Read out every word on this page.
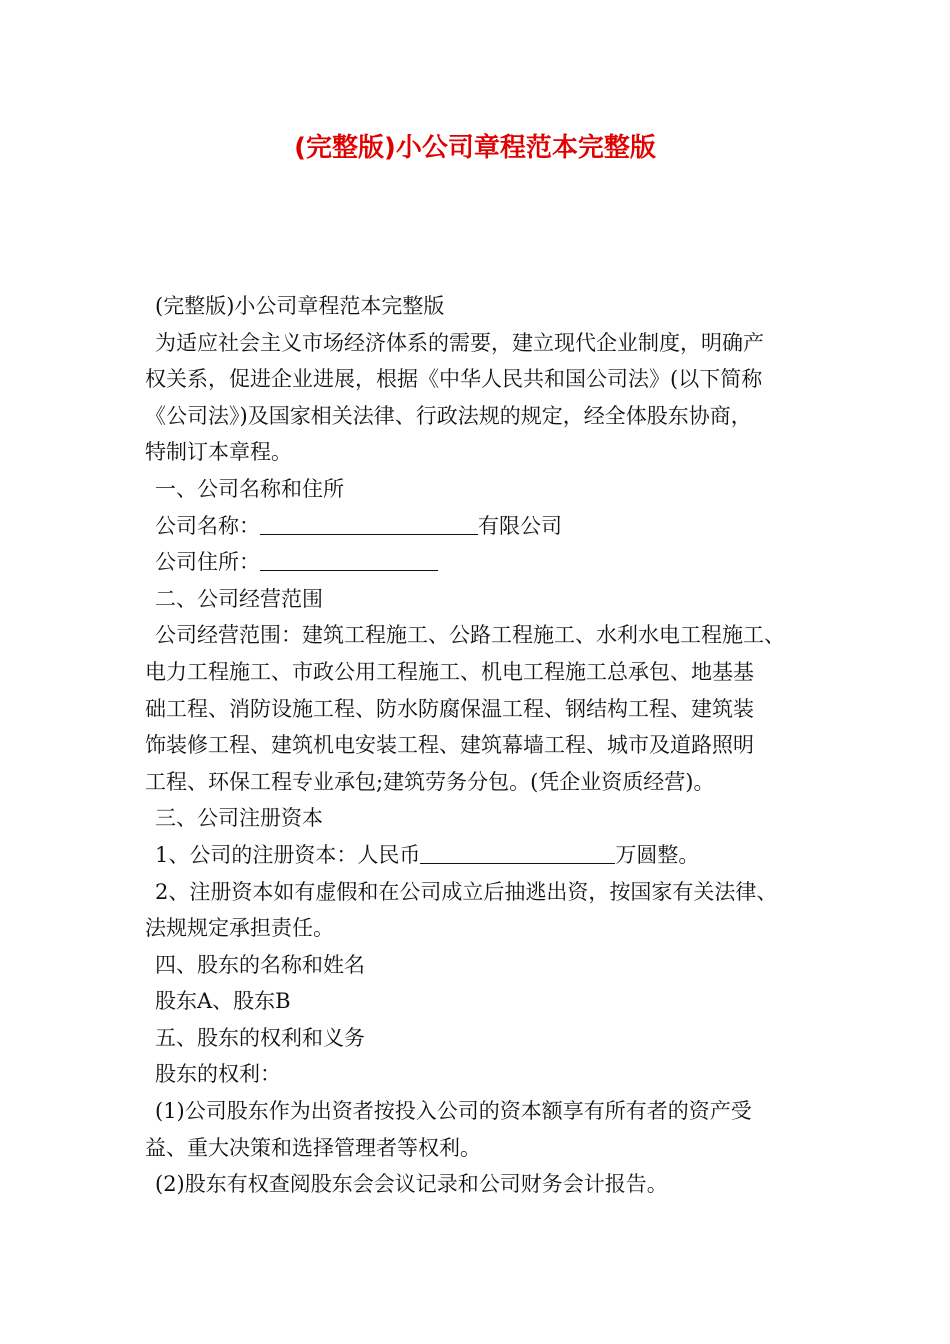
(完整版)小公司章程范本完整版
(完整版)小公司章程范本完整版
为适应社会主义市场经济体系的需要，建立现代企业制度，明确产
权关系，促进企业进展，根据《中华人民共和国公司法》(以下简称
《公司法》)及国家相关法律、行政法规的规定，经全体股东协商，
特制订本章程。
一、公司名称和住所
公司名称：	有限公司
公司住所：
二、公司经营范围
公司经营范围：建筑工程施工、公路工程施工、水利水电工程施工、
电力工程施工、市政公用工程施工、机电工程施工总承包、地基基
础工程、消防设施工程、防水防腐保温工程、钢结构工程、建筑装
饰装修工程、建筑机电安装工程、建筑幕墙工程、城市及道路照明
工程、环保工程专业承包;建筑劳务分包。(凭企业资质经营)。
三、公司注册资本
1、公司的注册资本：人民币	万圆整。
2、注册资本如有虚假和在公司成立后抽逃出资，按国家有关法律、
法规规定承担责任。
四、股东的名称和姓名
股东A、股东B
五、股东的权利和义务
股东的权利：
(1)公司股东作为出资者按投入公司的资本额享有所有者的资产受
益、重大决策和选择管理者等权利。
(2)股东有权查阅股东会会议记录和公司财务会计报告。
